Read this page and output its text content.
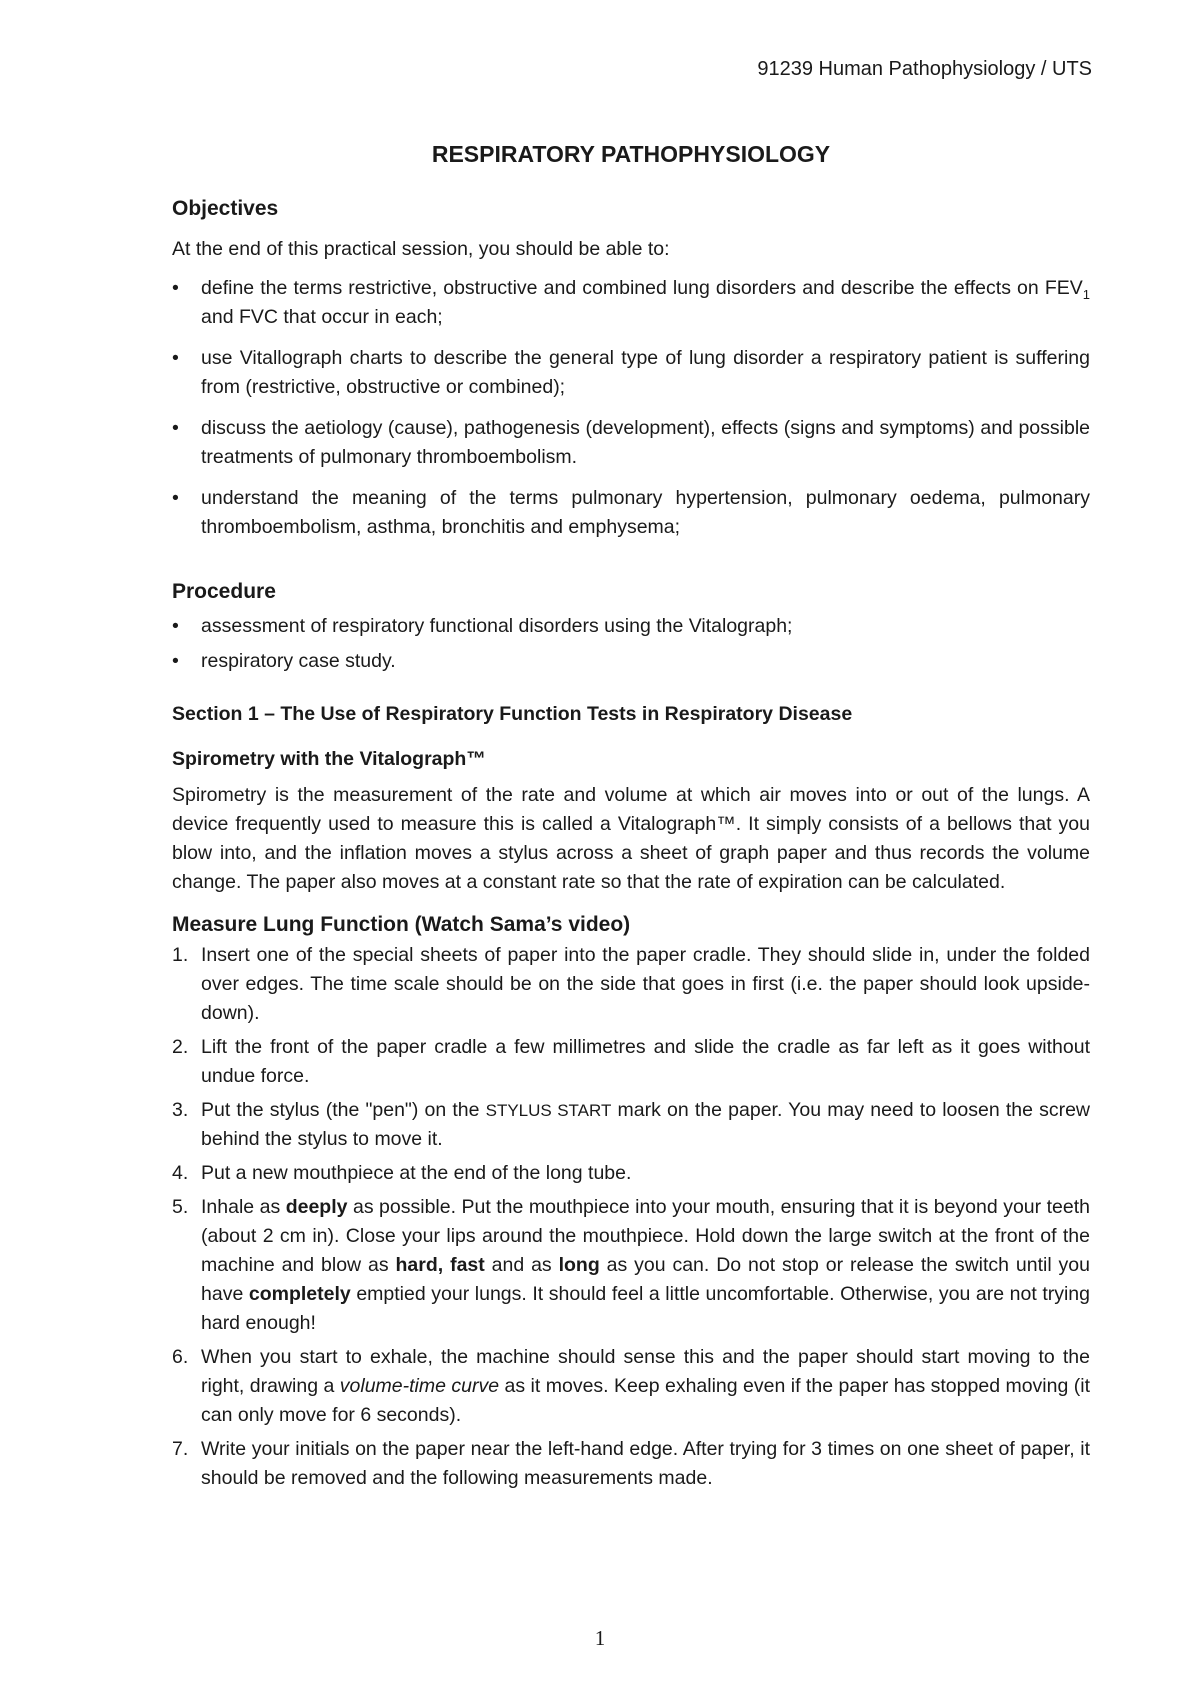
91239 Human Pathophysiology / UTS
RESPIRATORY PATHOPHYSIOLOGY
Objectives

At the end of this practical session, you should be able to:

• define the terms restrictive, obstructive and combined lung disorders and describe the effects on $FEV_1$ and FVC that occur in each;
• use Vitallograph charts to describe the general type of lung disorder a respiratory patient is suffering from (restrictive, obstructive or combined);
• discuss the aetiology (cause), pathogenesis (development), effects (signs and symptoms) and possible treatments of pulmonary thromboembolism.
• understand the meaning of the terms pulmonary hypertension, pulmonary oedema, pulmonary thromboembolism, asthma, bronchitis and emphysema;
Procedure
• assessment of respiratory functional disorders using the Vitalograph;
• respiratory case study.

Section 1 – The Use of Respiratory Function Tests in Respiratory Disease

Spirometry with the Vitalograph™

Spirometry is the measurement of the rate and volume at which air moves into or out of the lungs. A device frequently used to measure this is called a Vitalograph™. It simply consists of a bellows that you blow into, and the inflation moves a stylus across a sheet of graph paper and thus records the volume change. The paper also moves at a constant rate so that the rate of expiration can be calculated.

Measure Lung Function (Watch Sama’s video)
1. Insert one of the special sheets of paper into the paper cradle. They should slide in, under the folded over edges. The time scale should be on the side that goes in first (i.e. the paper should look upside-down).
2. Lift the front of the paper cradle a few millimetres and slide the cradle as far left as it goes without undue force.
3. Put the stylus (the "pen") on the STYLUS START mark on the paper. You may need to loosen the screw behind the stylus to move it.
4. Put a new mouthpiece at the end of the long tube.
5. Inhale as deeply as possible. Put the mouthpiece into your mouth, ensuring that it is beyond your teeth (about 2 cm in). Close your lips around the mouthpiece. Hold down the large switch at the front of the machine and blow as hard, fast and as long as you can. Do not stop or release the switch until you have completely emptied your lungs. It should feel a little uncomfortable. Otherwise, you are not trying hard enough!
6. When you start to exhale, the machine should sense this and the paper should start moving to the right, drawing a volume-time curve as it moves. Keep exhaling even if the paper has stopped moving (it can only move for 6 seconds).
7. Write your initials on the paper near the left-hand edge. After trying for 3 times on one sheet of paper, it should be removed and the following measurements made.
1
